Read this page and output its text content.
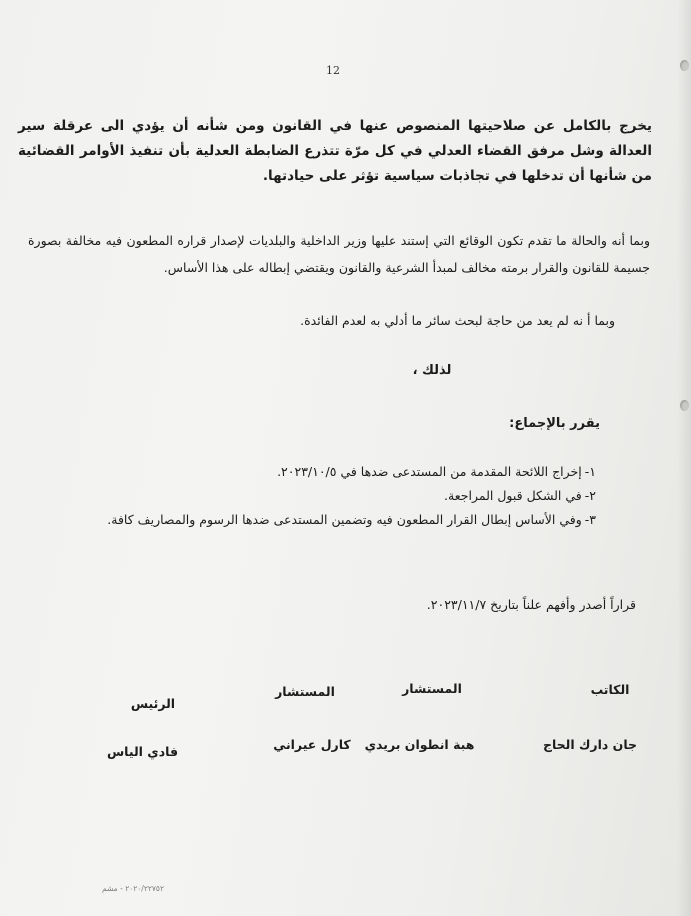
12

يخرج بالكامل عن صلاحيتها المنصوص عنها في القانون ومن شأنه أن يؤدي الى عرقلة سير العدالة وشل مرفق القضاء العدلي في كل مرّة تتذرع الضابطة العدلية بأن تنفيذ الأوامر القضائية من شأنها أن تدخلها في تجاذبات سياسية تؤثر على حيادتها.

وبما أنه والحالة ما تقدم تكون الوقائع التي إستند عليها وزير الداخلية والبلديات لإصدار قراره المطعون فيه مخالفة بصورة جسيمة للقانون والقرار برمته مخالف لمبدأ الشرعية والقانون ويقتضي إبطاله على هذا الأساس.

وبما أ نه لم يعد من حاجة لبحث سائر ما أدلي به لعدم الفائدة.

لذلك ،
يقرر بالإجماع:
١-إخراج اللائحة المقدمة من المستدعى ضدها في ٢٠٢٣/١٠/٥.
٢-في الشكل قبول المراجعة.
٣-وفي الأساس إبطال القرار المطعون فيه وتضمين المستدعى ضدها الرسوم والمصاريف كافة.
قراراً أصدر وأفهم علناً بتاريخ ٢٠٢٣/١١/٧.
الكاتب
المستشار
المستشار
الرئيس
جان دارك الحاج
هبة انطوان بريدي
كارل عيراني
فادي الياس
٢٠٢٠/٢٢٧٥٢ - مشم
